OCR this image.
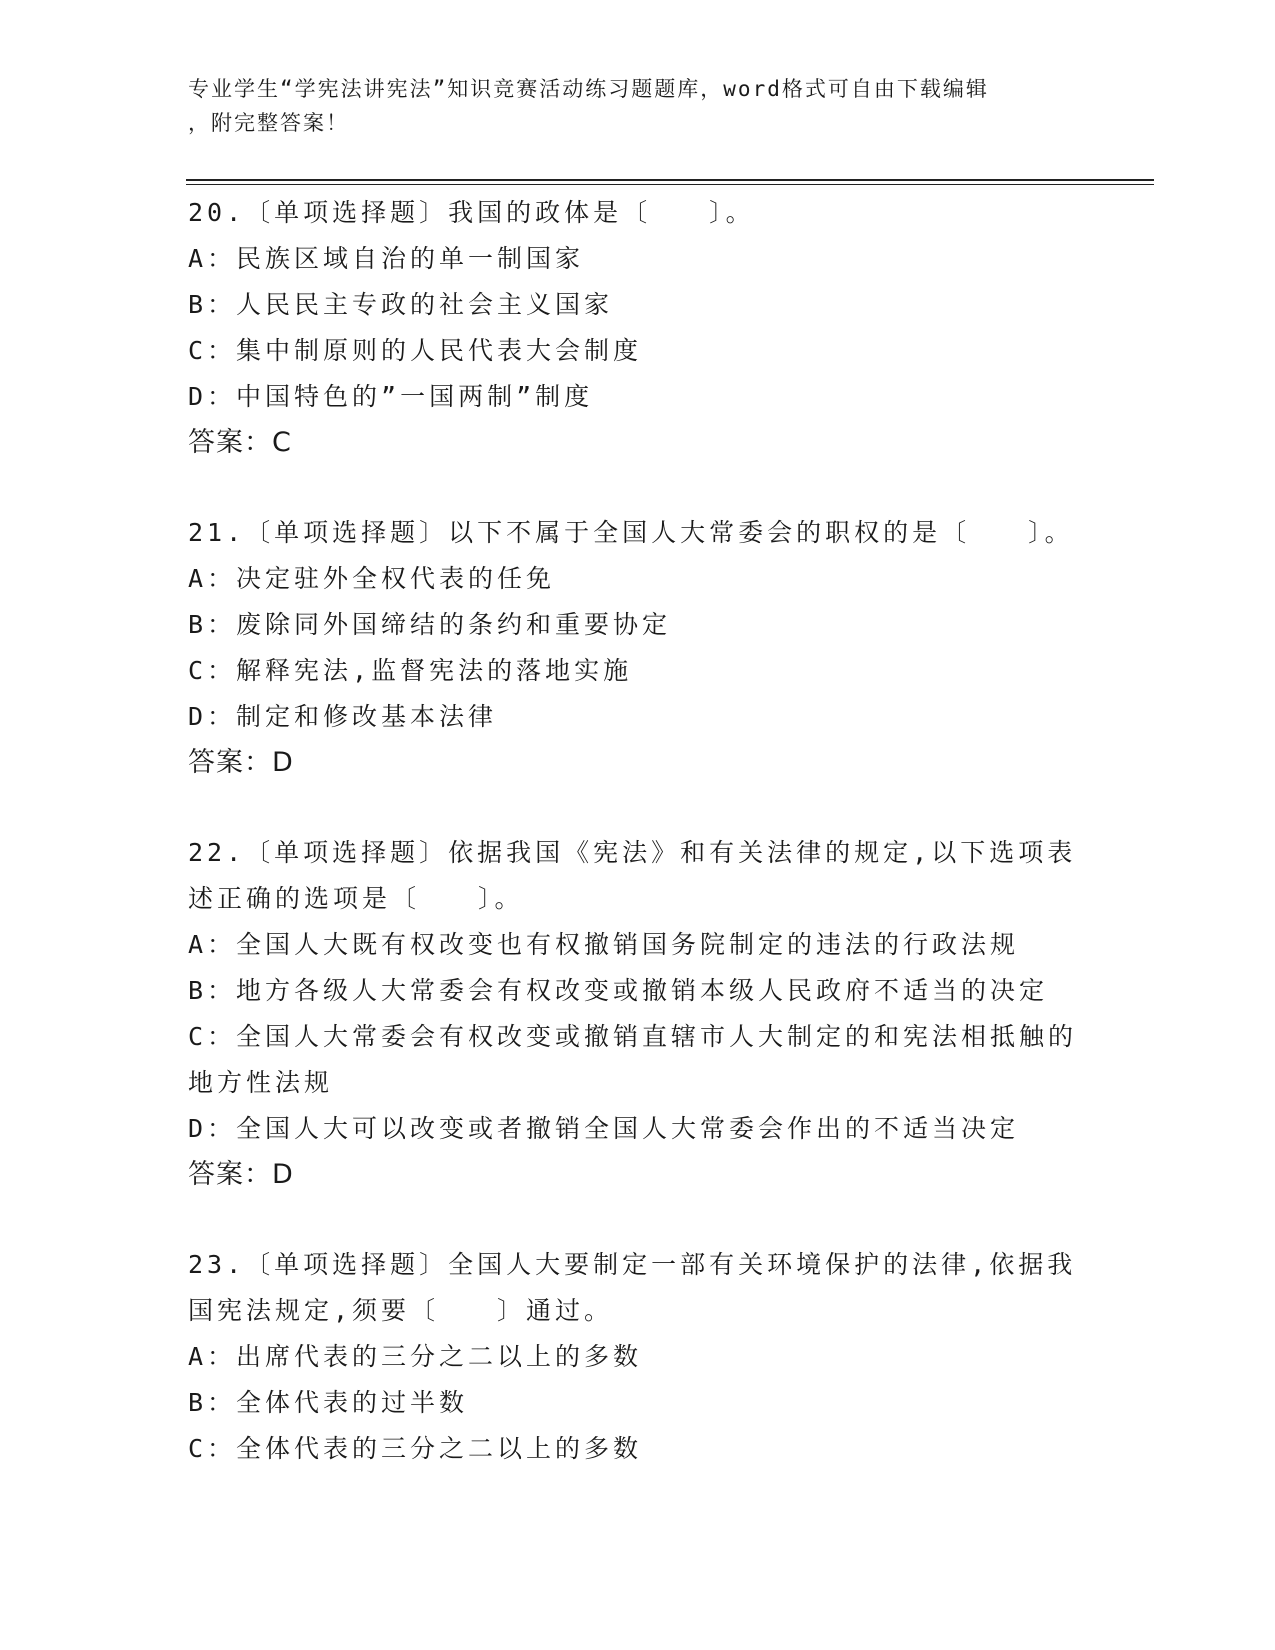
专业学生“学宪法讲宪法”知识竞赛活动练习题题库，word格式可自由下载编辑
，附完整答案！
20.〔单项选择题〕我国的政体是〔　　〕。
A：民族区域自治的单一制国家
B：人民民主专政的社会主义国家
C：集中制原则的人民代表大会制度
D：中国特色的”一国两制”制度
答案：C
21.〔单项选择题〕以下不属于全国人大常委会的职权的是〔　　〕。
A：决定驻外全权代表的任免
B：废除同外国缔结的条约和重要协定
C：解释宪法,监督宪法的落地实施
D：制定和修改基本法律
答案：D
22.〔单项选择题〕依据我国《宪法》和有关法律的规定,以下选项表
述正确的选项是〔　　〕。
A：全国人大既有权改变也有权撤销国务院制定的违法的行政法规
B：地方各级人大常委会有权改变或撤销本级人民政府不适当的决定
C：全国人大常委会有权改变或撤销直辖市人大制定的和宪法相抵触的
地方性法规
D：全国人大可以改变或者撤销全国人大常委会作出的不适当决定
答案：D
23.〔单项选择题〕全国人大要制定一部有关环境保护的法律,依据我
国宪法规定,须要〔　　〕通过。
A：出席代表的三分之二以上的多数
B：全体代表的过半数
C：全体代表的三分之二以上的多数
